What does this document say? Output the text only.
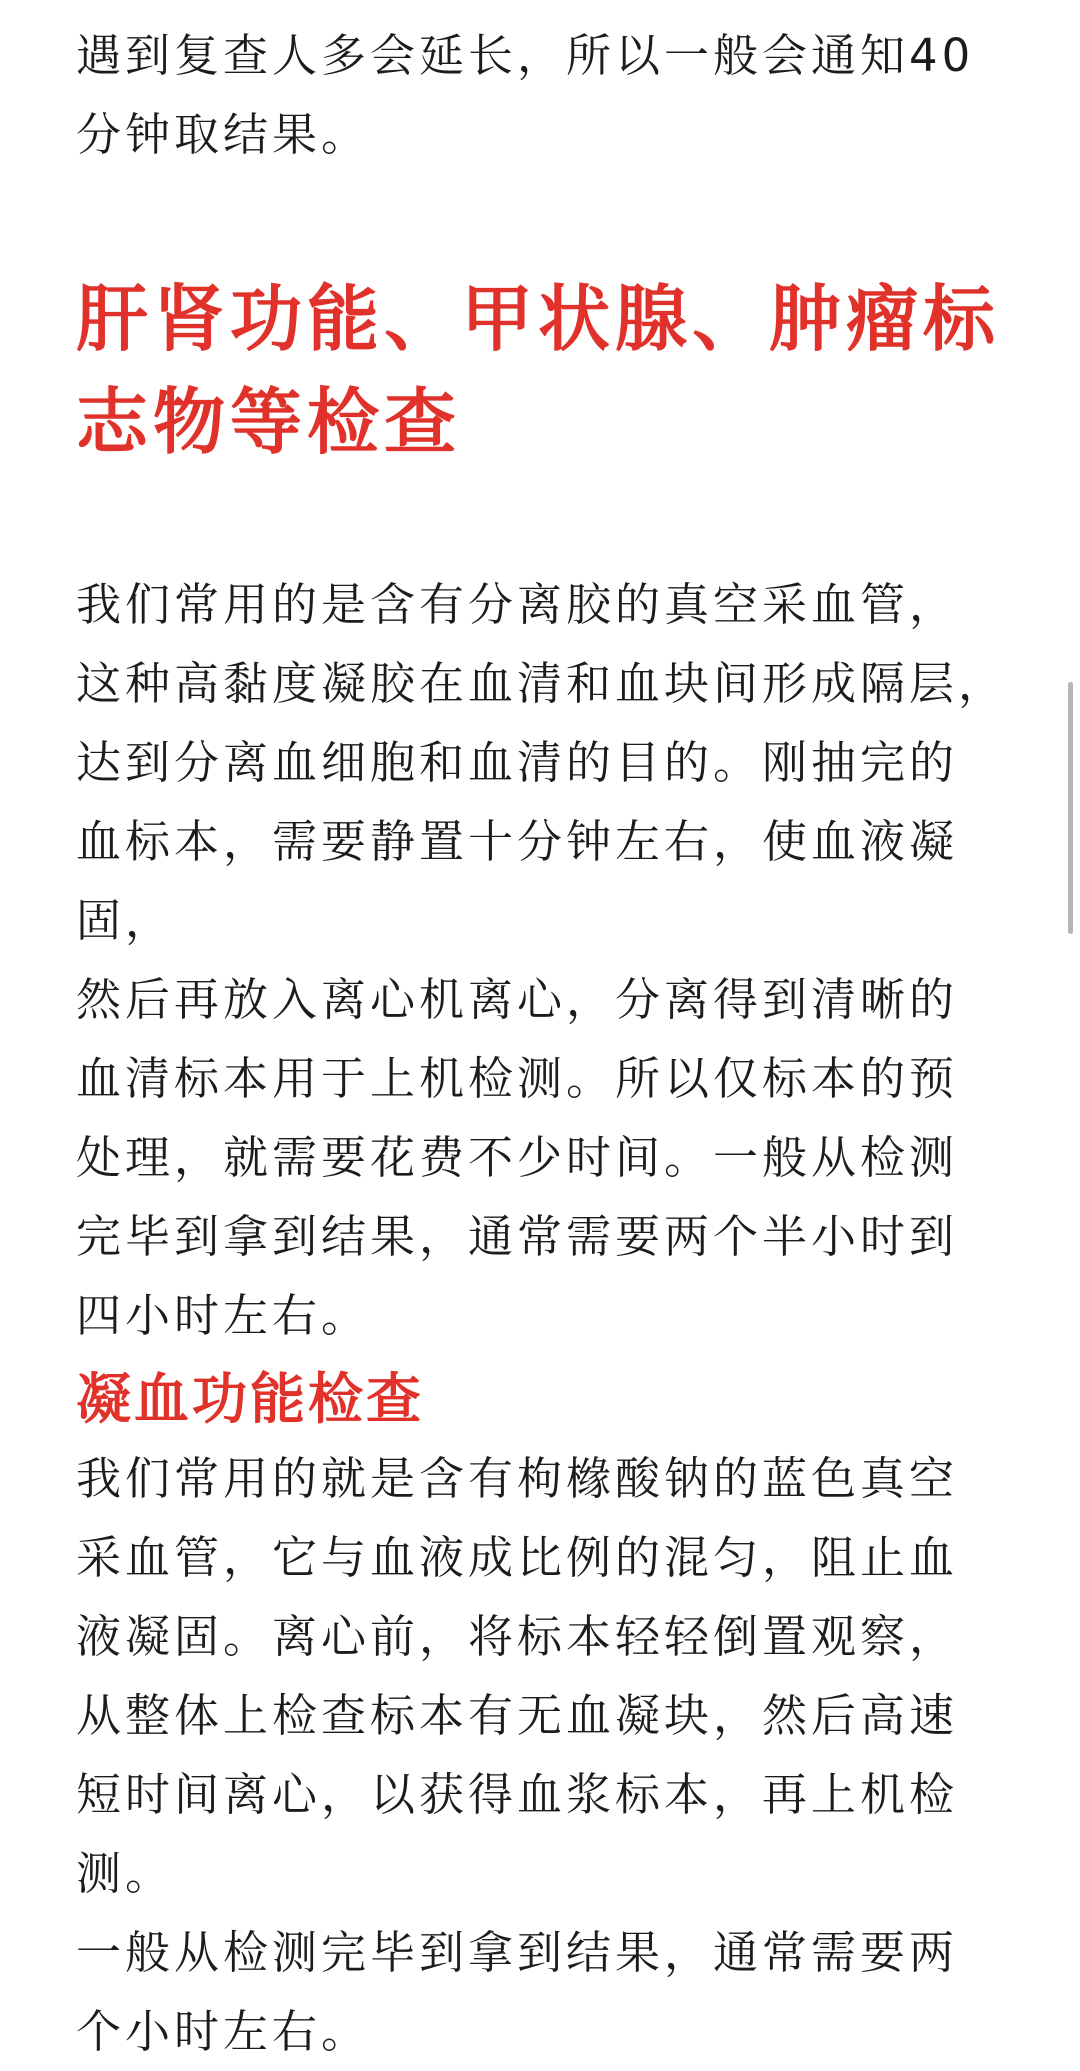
遇到复查人多会延长，所以一般会通知40
分钟取结果。

肝肾功能、甲状腺、肿瘤标
志物等检查

我们常用的是含有分离胶的真空采血管，
这种高黏度凝胶在血清和血块间形成隔层，
达到分离血细胞和血清的目的。刚抽完的
血标本，需要静置十分钟左右，使血液凝固，
然后再放入离心机离心，分离得到清晰的
血清标本用于上机检测。所以仅标本的预
处理，就需要花费不少时间。一般从检测
完毕到拿到结果，通常需要两个半小时到
四小时左右。

凝血功能检查

我们常用的就是含有枸橼酸钠的蓝色真空
采血管，它与血液成比例的混匀，阻止血
液凝固。离心前，将标本轻轻倒置观察，
从整体上检查标本有无血凝块，然后高速
短时间离心，以获得血浆标本，再上机检测。
一般从检测完毕到拿到结果，通常需要两
个小时左右。
